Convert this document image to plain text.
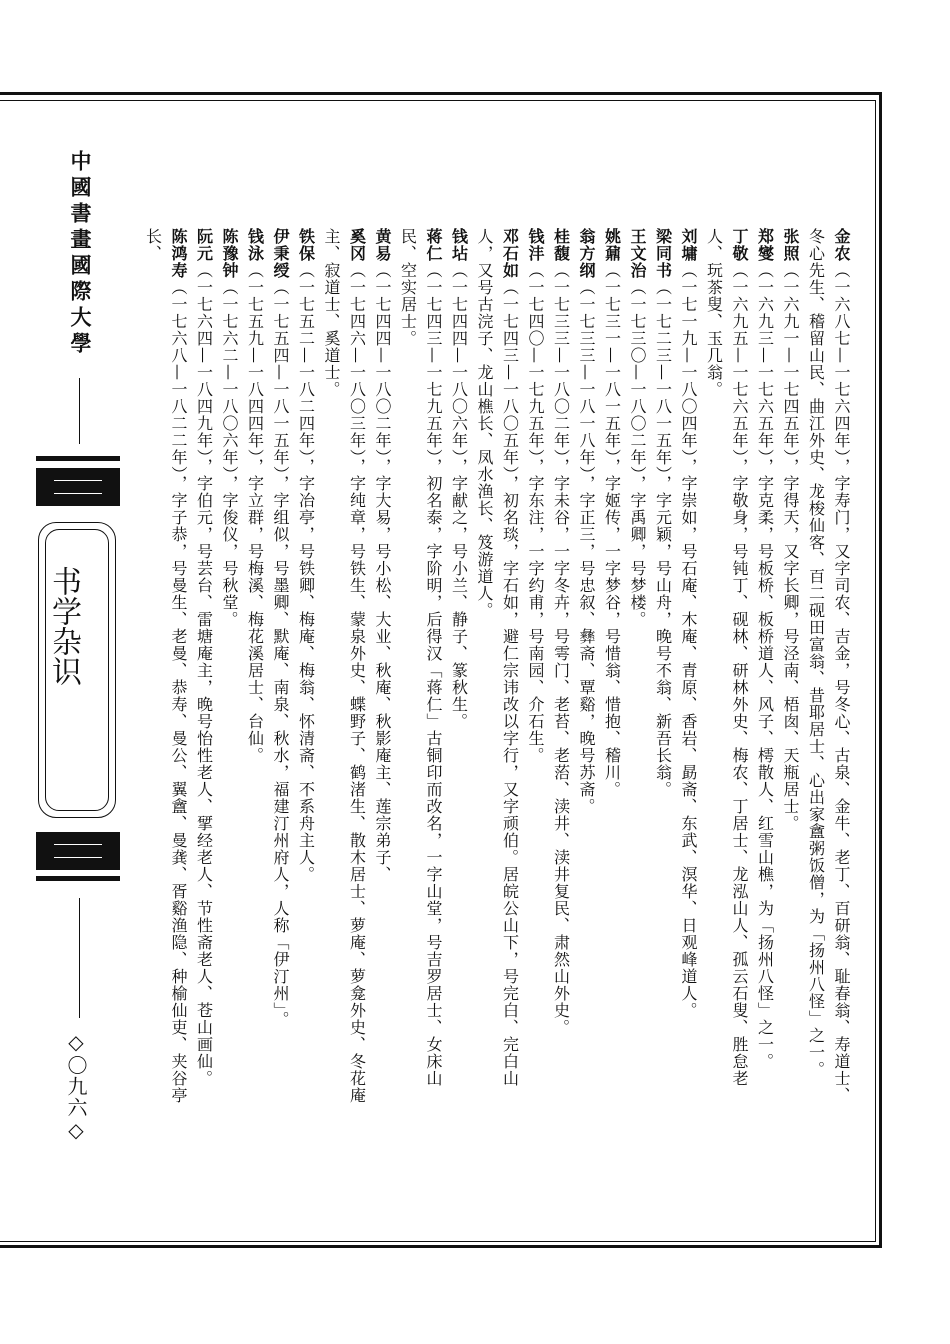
中國書畫國際大學
书学杂识
◇〇九六◇

金农（一六八七—一七六四年），字寿门，又字司农、吉金，号冬心、古泉、金牛、老丁、百研翁、耻春翁、寿道士、冬心先生、稽留山民、曲江外史、龙梭仙客、百二砚田富翁、昔耶居士、心出家盦粥饭僧，为「扬州八怪」之一。

张照（一六九一—一七四五年），字得天，又字长卿，号泾南、梧囱、天瓶居士。

郑燮（一六九三—一七六五年），字克柔，号板桥、板桥道人、风子、樗散人、红雪山樵，为「扬州八怪」之一。

丁敬（一六九五—一七六五年），字敬身，号钝丁、砚林、研林外史、梅农、丁居士、龙泓山人、孤云石叟、胜怠老人、玩茶叟、玉几翁。

刘墉（一七一九—一八〇四年），字崇如，号石庵、木庵、青原、香岩、勗斋、东武、溟华、日观峰道人。

梁同书（一七二三—一八一五年），字元颖，号山舟，晚号不翁、新吾长翁。

王文治（一七三〇—一八〇二年），字禹卿，号梦楼。

姚鼐（一七三一—一八一五年），字姬传，一字梦谷，号惜翁、惜抱、稽川。

翁方纲（一七三三—一八一八年），字正三，号忠叙、彝斋、覃谿，晚号苏斋。

桂馥（一七三三—一八〇二年），字未谷，一字冬卉，号雩门、老苔、老菭、渎井、渎井复民、肃然山外史。

钱沣（一七四〇—一七九五年），字东注，一字约甫，号南园、介石生。

邓石如（一七四三—一八〇五年），初名琰，字石如，避仁宗讳改以字行，又字顽伯。居皖公山下，号完白、完白山人，又号古浣子、龙山樵长、凤水渔长、笈游道人。

钱坫（一七四四—一八〇六年），字献之，号小兰、静子、篆秋生。

蒋仁（一七四三—一七九五年），初名泰，字阶明，后得汉「蒋仁」古铜印而改名，一字山堂，号吉罗居士、女床山民、空实居士。

黄易（一七四四—一八〇二年），字大易，号小松、大业、秋庵、秋影庵主、莲宗弟子、

奚冈（一七四六—一八〇三年），字纯章，号铁生、蒙泉外史、蝶野子、鹤渚生、散木居士、萝庵、萝龛外史、冬花庵主、寂道士、奚道士。

铁保（一七五二—一八二四年），字冶亭，号铁卿、梅庵、梅翁、怀清斋、不系舟主人。

伊秉绶（一七五四—一八一五年），字组似，号墨卿、默庵、南泉、秋水，福建汀州府人，人称「伊汀州」。

钱泳（一七五九—一八四四年），字立群，号梅溪、梅花溪居士、台仙。

陈豫钟（一七六二—一八〇六年），字俊仪，号秋堂。

阮元（一七六四—一八四九年），字伯元，号芸台、雷塘庵主，晚号怡性老人、揅经老人、节性斋老人、苍山画仙。

陈鸿寿（一七六八—一八二二年），字子恭，号曼生、老曼、恭寿、曼公、翼盦、曼龚、胥谿渔隐、种榆仙吏、夹谷亭长、
